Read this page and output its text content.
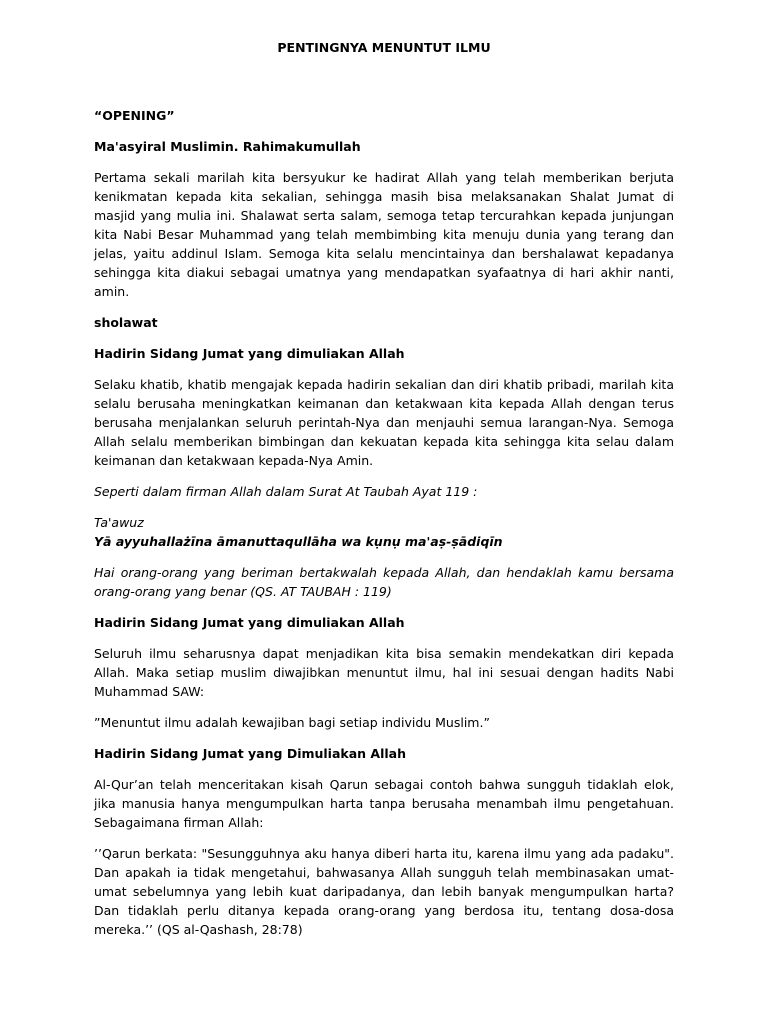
PENTINGNYA MENUNTUT ILMU

“OPENING”

Ma'asyiral Muslimin. Rahimakumullah

Pertama sekali marilah kita bersyukur ke hadirat Allah yang telah memberikan berjuta kenikmatan kepada kita sekalian, sehingga masih bisa melaksanakan Shalat Jumat di masjid yang mulia ini. Shalawat serta salam, semoga tetap tercurahkan kepada junjungan kita Nabi Besar Muhammad yang telah membimbing kita menuju dunia yang terang dan jelas, yaitu addinul Islam. Semoga kita selalu mencintainya dan bershalawat kepadanya sehingga kita diakui sebagai umatnya yang mendapatkan syafaatnya di hari akhir nanti, amin.

sholawat

Hadirin Sidang Jumat yang dimuliakan Allah

Selaku khatib, khatib mengajak kepada hadirin sekalian dan diri khatib pribadi, marilah kita selalu berusaha meningkatkan keimanan dan ketakwaan kita kepada Allah dengan terus berusaha menjalankan seluruh perintah-Nya dan menjauhi semua larangan-Nya. Semoga Allah selalu memberikan bimbingan dan kekuatan kepada kita sehingga kita selau dalam keimanan dan ketakwaan kepada-Nya Amin.

Seperti dalam firman Allah dalam Surat At Taubah Ayat 119 :

Ta'awuz

Yā ayyuhallażīna āmanuttaqullāha wa kụnụ ma'aṣ-ṣādiqīn

Hai orang-orang yang beriman bertakwalah kepada Allah, dan hendaklah kamu bersama orang-orang yang benar (QS. AT TAUBAH : 119)

Hadirin Sidang Jumat yang dimuliakan Allah

Seluruh ilmu seharusnya dapat menjadikan kita bisa semakin mendekatkan diri kepada Allah. Maka setiap muslim diwajibkan menuntut ilmu, hal ini sesuai dengan hadits Nabi Muhammad SAW:

”Menuntut ilmu adalah kewajiban bagi setiap individu Muslim.”

Hadirin Sidang Jumat yang Dimuliakan Allah

Al-Qur’an telah menceritakan kisah Qarun sebagai contoh bahwa sungguh tidaklah elok, jika manusia hanya mengumpulkan harta tanpa berusaha menambah ilmu pengetahuan. Sebagaimana firman Allah:

’’Qarun berkata: "Sesungguhnya aku hanya diberi harta itu, karena ilmu yang ada padaku". Dan apakah ia tidak mengetahui, bahwasanya Allah sungguh telah membinasakan umat-umat sebelumnya yang lebih kuat daripadanya, dan lebih banyak mengumpulkan harta? Dan tidaklah perlu ditanya kepada orang-orang yang berdosa itu, tentang dosa-dosa mereka.’’ (QS al-Qashash, 28:78)
